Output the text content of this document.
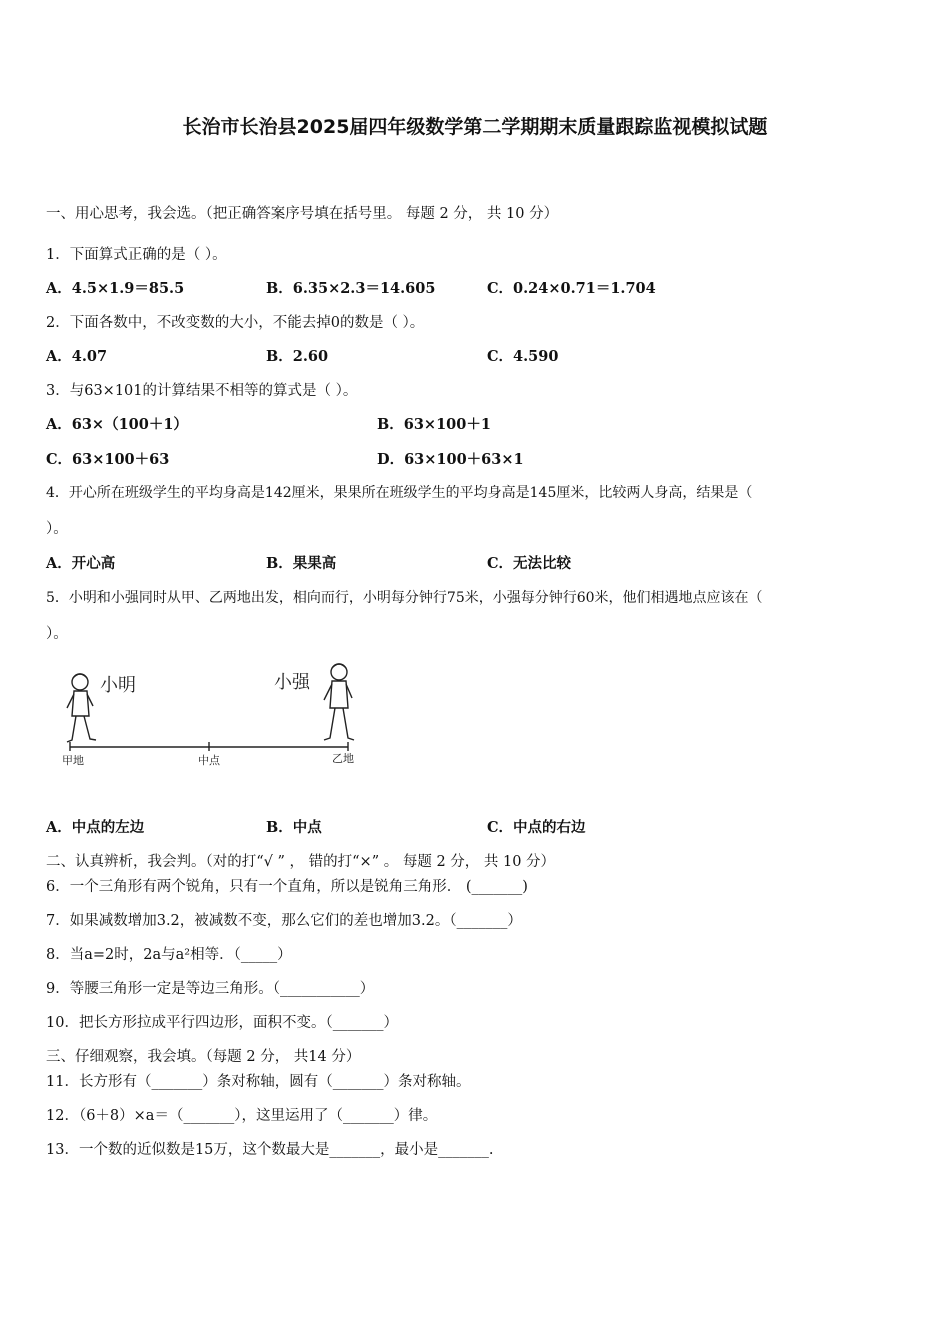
长治市长治县2025届四年级数学第二学期期末质量跟踪监视模拟试题
一、用心思考，我会选。（把正确答案序号填在括号里。 每题 2 分， 共 10 分）
1．下面算式正确的是（ ）。
A．4.5×1.9＝85.5	B．6.35×2.3＝14.605	C．0.24×0.71＝1.704
2．下面各数中，不改变数的大小，不能去掉0的数是（ ）。
A．4.07	B．2.60	C．4.590
3．与63×101的计算结果不相等的算式是（ ）。
A．63×（100＋1）	B．63×100＋1
C．63×100＋63	D．63×100＋63×1
4．开心所在班级学生的平均身高是142厘米，果果所在班级学生的平均身高是145厘米，比较两人身高，结果是（
）。
A．开心高	B．果果高	C．无法比较
5．小明和小强同时从甲、乙两地出发，相向而行，小明每分钟行75米，小强每分钟行60米，他们相遇地点应该在（
）。
小明	小强
甲地	中点	乙地
A．中点的左边	B．中点	C．中点的右边
二、认真辨析，我会判。（对的打“√ ” ， 错的打“×” 。 每题 2 分， 共 10 分）
6．一个三角形有两个锐角，只有一个直角，所以是锐角三角形． (_______)
7．如果减数增加3.2，被减数不变，那么它们的差也增加3.2。（_______）
8．当a=2时，2a与a²相等．（_____）
9．等腰三角形一定是等边三角形。（___________）
10．把长方形拉成平行四边形，面积不变。（_______）
三、仔细观察，我会填。（每题 2 分， 共14 分）
11．长方形有（_______）条对称轴，圆有（_______）条对称轴。
12．（6＋8）×a＝（_______），这里运用了（_______）律。
13．一个数的近似数是15万，这个数最大是_______，最小是_______.
